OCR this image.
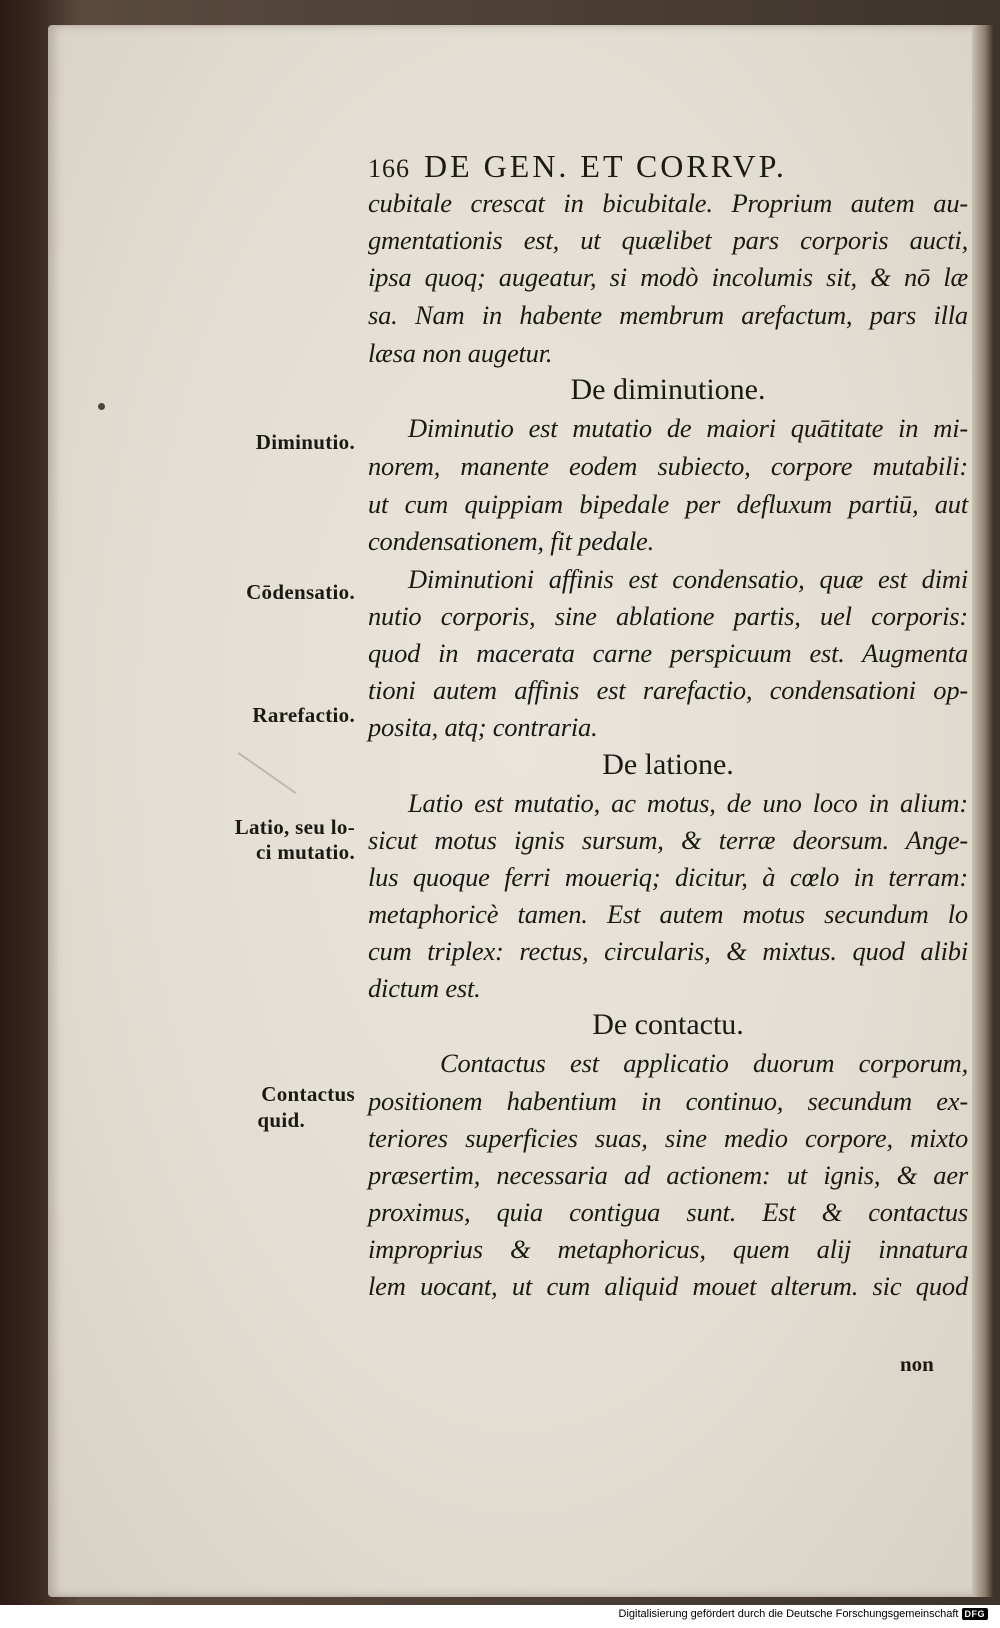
166 DE GEN. ET CORRVP.
cubitale crescat in bicubitale. Proprium autem au-
gmentationis est, ut quælibet pars corporis aucti,
ipsa quoq; augeatur, si modò incolumis sit, & nō læ
sa. Nam in habente membrum arefactum, pars illa
læsa non augetur.
De diminutione.
Diminutio est mutatio de maiori quātitate in mi-
norem, manente eodem subiecto, corpore mutabili:
ut cum quippiam bipedale per defluxum partiū, aut
condensationem, fit pedale.
Diminutioni affinis est condensatio, quæ est dimi
nutio corporis, sine ablatione partis, uel corporis:
quod in macerata carne perspicuum est. Augmenta
tioni autem affinis est rarefactio, condensationi op-
posita, atq; contraria.
De latione.
Latio est mutatio, ac motus, de uno loco in alium:
sicut motus ignis sursum, & terræ deorsum. Ange-
lus quoque ferri moueriq; dicitur, à cœlo in terram:
metaphoricè tamen. Est autem motus secundum lo
cum triplex: rectus, circularis, & mixtus. quod alibi
dictum est.
De contactu.
Contactus est applicatio duorum corporum,
positionem habentium in continuo, secundum ex-
teriores superficies suas, sine medio corpore, mixto
præsertim, necessaria ad actionem: ut ignis, & aer
proximus, quia contigua sunt. Est & contactus
improprius & metaphoricus, quem alij innatura
lem uocant, ut cum aliquid mouet alterum. sic quod
non
Diminutio.
Cōdensatio.
Rarefactio.
Latio, seu lo-
ci mutatio.
Contactus
quid.
Digitalisierung gefördert durch die Deutsche Forschungsgemeinschaft DFG
